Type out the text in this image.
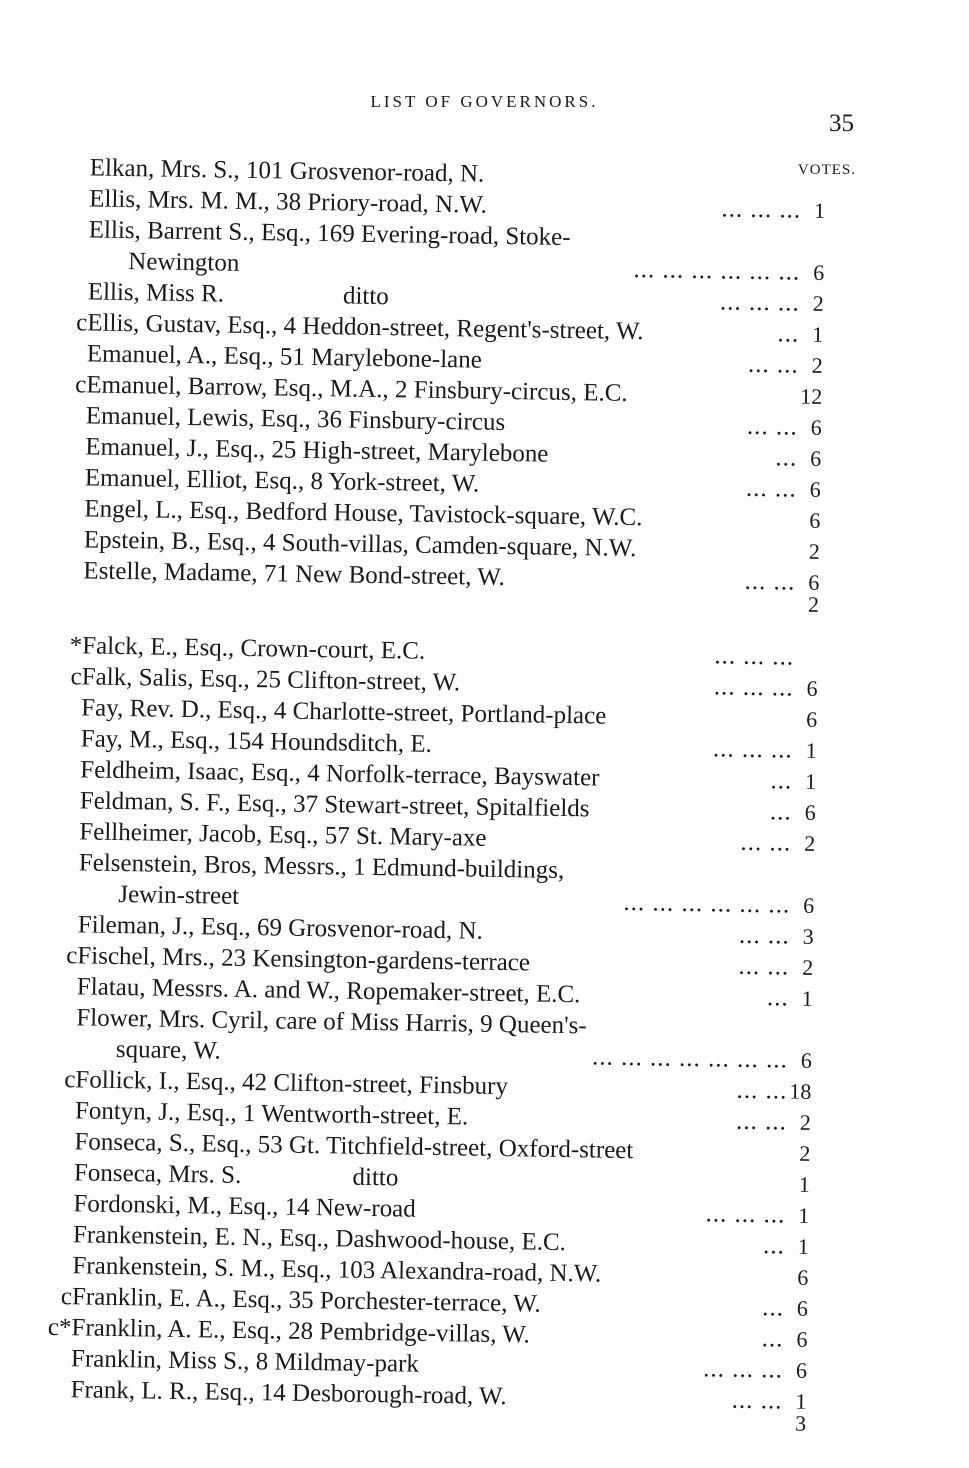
LIST OF GOVERNORS.
35
VOTES.
Elkan, Mrs. S., 101 Grosvenor-road, N.
Ellis, Mrs. M. M., 38 Priory-road, N.W.	... ... ... 1
Ellis, Barrent S., Esq., 169 Evering-road, Stoke-
Newington	... ... ... ... ... ... 6
Ellis, Miss R.	ditto	... ... ... 2
c Ellis, Gustav, Esq., 4 Heddon-street, Regent's-street, W.	... 1
Emanuel, A., Esq., 51 Marylebone-lane	... ... 2
c Emanuel, Barrow, Esq., M.A., 2 Finsbury-circus, E.C.	12
Emanuel, Lewis, Esq., 36 Finsbury-circus	... ... 6
Emanuel, J., Esq., 25 High-street, Marylebone	... 6
Emanuel, Elliot, Esq., 8 York-street, W.	... ... 6
Engel, L., Esq., Bedford House, Tavistock-square, W.C.	6
Epstein, B., Esq., 4 South-villas, Camden-square, N.W.	2
Estelle, Madame, 71 New Bond-street, W.	... ... 6
2
* Falck, E., Esq., Crown-court, E.C.	... ... ...
c Falk, Salis, Esq., 25 Clifton-street, W.	... ... ... 6
Fay, Rev. D., Esq., 4 Charlotte-street, Portland-place	6
Fay, M., Esq., 154 Houndsditch, E.	... ... ... 1
Feldheim, Isaac, Esq., 4 Norfolk-terrace, Bayswater	... 1
Feldman, S. F., Esq., 37 Stewart-street, Spitalfields	... 6
Fellheimer, Jacob, Esq., 57 St. Mary-axe	... ... 2
Felsenstein, Bros, Messrs., 1 Edmund-buildings,
Jewin-street	... ... ... ... ... ... 6
Fileman, J., Esq., 69 Grosvenor-road, N.	... ... 3
c Fischel, Mrs., 23 Kensington-gardens-terrace	... ... 2
Flatau, Messrs. A. and W., Ropemaker-street, E.C.	... 1
Flower, Mrs. Cyril, care of Miss Harris, 9 Queen's-
square, W.	... ... ... ... ... ... ... 6
c Follick, I., Esq., 42 Clifton-street, Finsbury	... ... 18
Fontyn, J., Esq., 1 Wentworth-street, E.	... ... 2
Fonseca, S., Esq., 53 Gt. Titchfield-street, Oxford-street	2
Fonseca, Mrs. S.	ditto	1
Fordonski, M., Esq., 14 New-road	... ... ... 1
Frankenstein, E. N., Esq., Dashwood-house, E.C.	... 1
Frankenstein, S. M., Esq., 103 Alexandra-road, N.W.	6
c Franklin, E. A., Esq., 35 Porchester-terrace, W.	... 6
c* Franklin, A. E., Esq., 28 Pembridge-villas, W.	... 6
Franklin, Miss S., 8 Mildmay-park	... ... ... 6
Frank, L. R., Esq., 14 Desborough-road, W.	... ... 1
3
